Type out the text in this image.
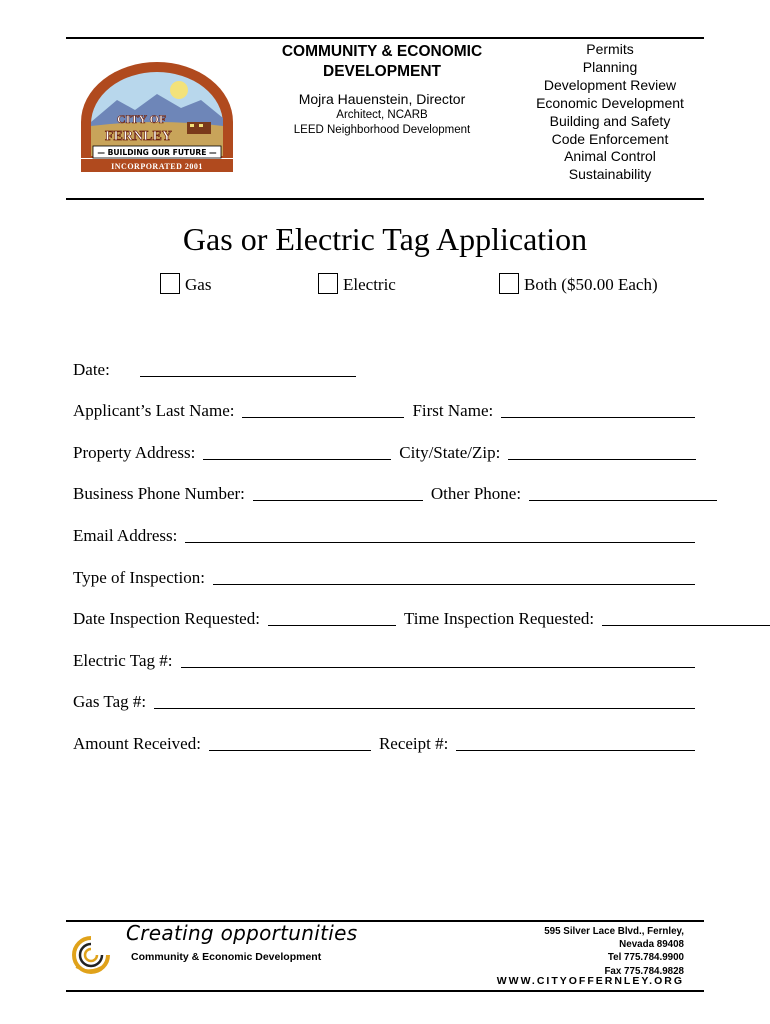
CITY OF
FERNLEY
— BUILDING OUR FUTURE —
INCORPORATED 2001
COMMUNITY & ECONOMIC DEVELOPMENT
Mojra Hauenstein, Director
Architect, NCARB
LEED Neighborhood Development
Permits
Planning
Development Review
Economic Development
Building and Safety
Code Enforcement
Animal Control
Sustainability
Gas or Electric Tag Application
Gas	Electric	Both ($50.00 Each)
Date:
Applicant’s Last Name:	First Name:
Property Address:	City/State/Zip:
Business Phone Number:	Other Phone:
Email Address:
Type of Inspection:
Date Inspection Requested:	Time Inspection Requested:
Electric Tag #:
Gas Tag #:
Amount Received:	Receipt #:
Creating opportunities
Community & Economic Development
595 Silver Lace Blvd., Fernley,
Nevada 89408
Tel 775.784.9900
Fax 775.784.9828
WWW.CITYOFFERNLEY.ORG
